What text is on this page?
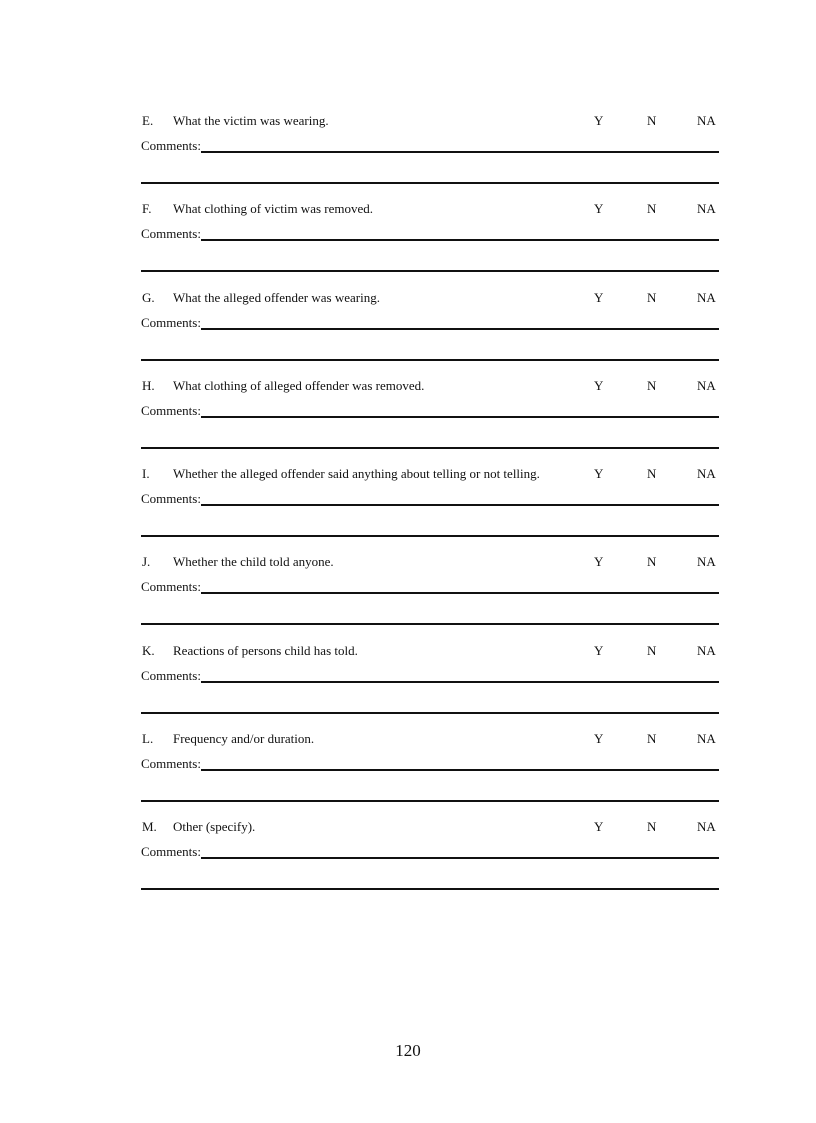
E. What the victim was wearing.	Y	N	NA
Comments:
F. What clothing of victim was removed.	Y	N	NA
Comments:
G. What the alleged offender was wearing.	Y	N	NA
Comments:
H. What clothing of alleged offender was removed.	Y	N	NA
Comments:
I. Whether the alleged offender said anything about telling or not telling.	Y	N	NA
Comments:
J. Whether the child told anyone.	Y	N	NA
Comments:
K. Reactions of persons child has told.	Y	N	NA
Comments:
L. Frequency and/or duration.	Y	N	NA
Comments:
M. Other (specify).	Y	N	NA
Comments:
120
